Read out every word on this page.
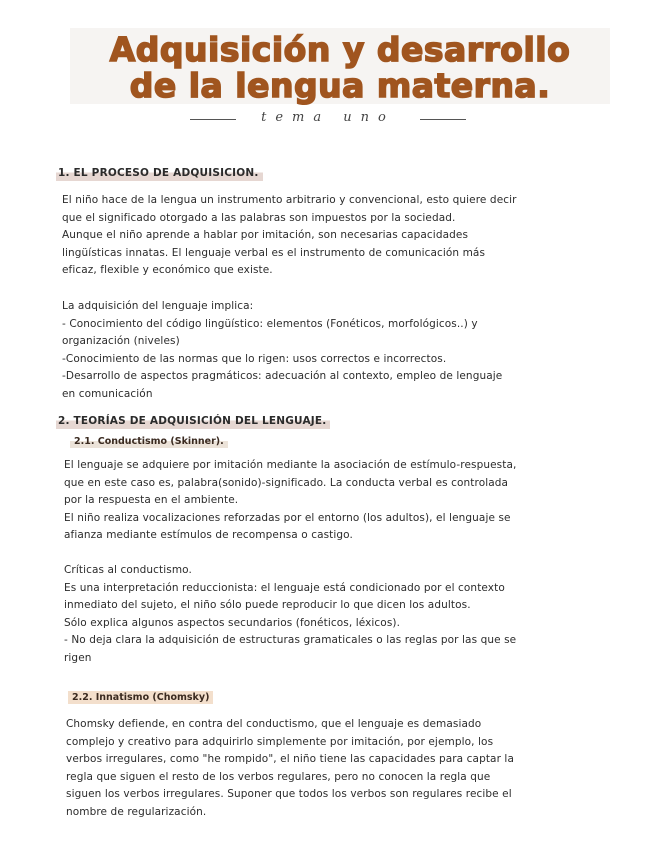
Adquisición y desarrollo
de la lengua materna.
tema uno
1. EL PROCESO DE ADQUISICION.

El niño hace de la lengua un instrumento arbitrario y convencional, esto quiere decir
que el significado otorgado a las palabras son impuestos por la sociedad.
Aunque el niño aprende a hablar por imitación, son necesarias capacidades
lingüísticas innatas. El lenguaje verbal es el instrumento de comunicación más
eficaz, flexible y económico que existe.

La adquisición del lenguaje implica:
- Conocimiento del código lingüístico: elementos (Fonéticos, morfológicos..) y
organización (niveles)
-Conocimiento de las normas que lo rigen: usos correctos e incorrectos.
-Desarrollo de aspectos pragmáticos: adecuación al contexto, empleo de lenguaje
en comunicación

2. TEORÍAS DE ADQUISICIÓN DEL LENGUAJE.
2.1. Conductismo (Skinner).

El lenguaje se adquiere por imitación mediante la asociación de estímulo-respuesta,
que en este caso es, palabra(sonido)-significado. La conducta verbal es controlada
por la respuesta en el ambiente.
El niño realiza vocalizaciones reforzadas por el entorno (los adultos), el lenguaje se
afianza mediante estímulos de recompensa o castigo.

Críticas al conductismo.
Es una interpretación reduccionista: el lenguaje está condicionado por el contexto
inmediato del sujeto, el niño sólo puede reproducir lo que dicen los adultos.
Sólo explica algunos aspectos secundarios (fonéticos, léxicos).
- No deja clara la adquisición de estructuras gramaticales o las reglas por las que se
rigen

2.2. Innatismo (Chomsky)

Chomsky defiende, en contra del conductismo, que el lenguaje es demasiado
complejo y creativo para adquirirlo simplemente por imitación, por ejemplo, los
verbos irregulares, como "he rompido", el niño tiene las capacidades para captar la
regla que siguen el resto de los verbos regulares, pero no conocen la regla que
siguen los verbos irregulares. Suponer que todos los verbos son regulares recibe el
nombre de regularización.
